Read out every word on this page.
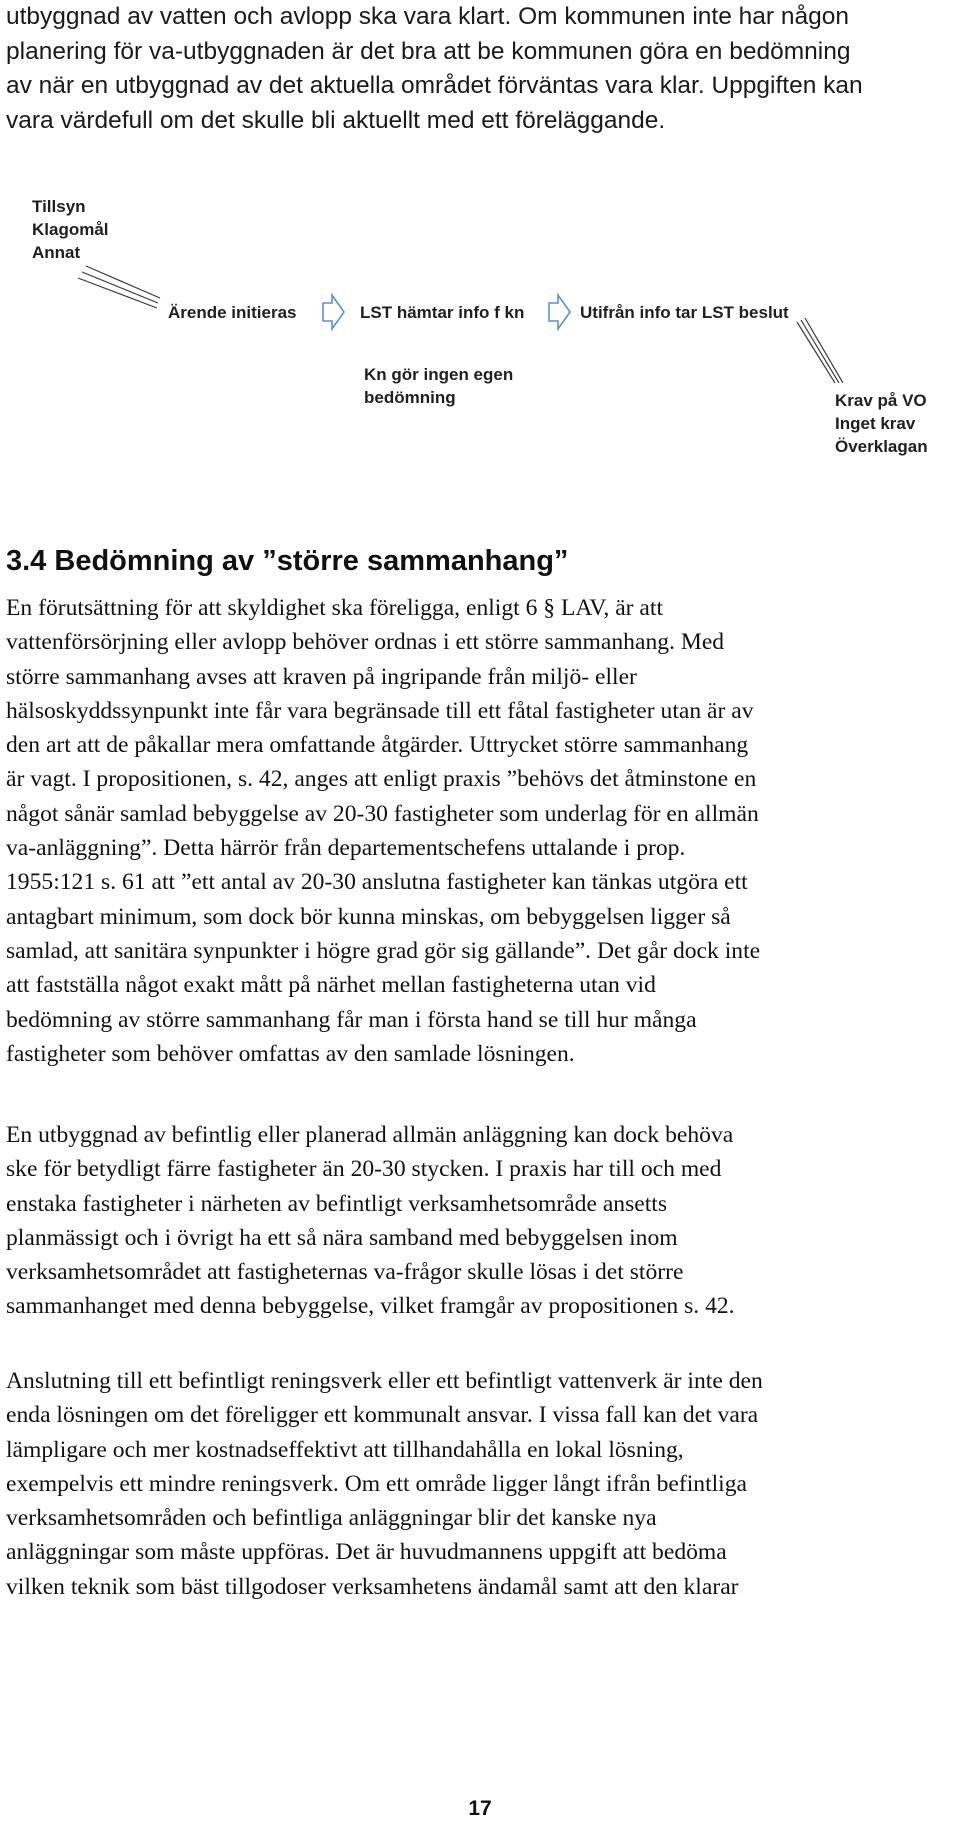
utbyggnad av vatten och avlopp ska vara klart. Om kommunen inte har någon
planering för va-utbyggnaden är det bra att be kommunen göra en bedömning
av när en utbyggnad av det aktuella området förväntas vara klar. Uppgiften kan
vara värdefull om det skulle bli aktuellt med ett föreläggande.
Tillsyn
Klagomål
Annat
Ärende initieras	LST hämtar info f kn	Utifrån info tar LST beslut
Kn gör ingen egen
bedömning	Krav på VO
Inget krav
Överklagan
3.4 Bedömning av ”större sammanhang”
En förutsättning för att skyldighet ska föreligga, enligt 6 § LAV, är att
vattenförsörjning eller avlopp behöver ordnas i ett större sammanhang. Med
större sammanhang avses att kraven på ingripande från miljö- eller
hälsoskyddssynpunkt inte får vara begränsade till ett fåtal fastigheter utan är av
den art att de påkallar mera omfattande åtgärder. Uttrycket större sammanhang
är vagt. I propositionen, s. 42, anges att enligt praxis ”behövs det åtminstone en
något sånär samlad bebyggelse av 20-30 fastigheter som underlag för en allmän
va-anläggning”. Detta härrör från departementschefens uttalande i prop.
1955:121 s. 61 att ”ett antal av 20-30 anslutna fastigheter kan tänkas utgöra ett
antagbart minimum, som dock bör kunna minskas, om bebyggelsen ligger så
samlad, att sanitära synpunkter i högre grad gör sig gällande”. Det går dock inte
att fastställa något exakt mått på närhet mellan fastigheterna utan vid
bedömning av större sammanhang får man i första hand se till hur många
fastigheter som behöver omfattas av den samlade lösningen.
En utbyggnad av befintlig eller planerad allmän anläggning kan dock behöva
ske för betydligt färre fastigheter än 20-30 stycken. I praxis har till och med
enstaka fastigheter i närheten av befintligt verksamhetsområde ansetts
planmässigt och i övrigt ha ett så nära samband med bebyggelsen inom
verksamhetsområdet att fastigheternas va-frågor skulle lösas i det större
sammanhanget med denna bebyggelse, vilket framgår av propositionen s. 42.
Anslutning till ett befintligt reningsverk eller ett befintligt vattenverk är inte den
enda lösningen om det föreligger ett kommunalt ansvar. I vissa fall kan det vara
lämpligare och mer kostnadseffektivt att tillhandahålla en lokal lösning,
exempelvis ett mindre reningsverk. Om ett område ligger långt ifrån befintliga
verksamhetsområden och befintliga anläggningar blir det kanske nya
anläggningar som måste uppföras. Det är huvudmannens uppgift att bedöma
vilken teknik som bäst tillgodoser verksamhetens ändamål samt att den klarar
17
